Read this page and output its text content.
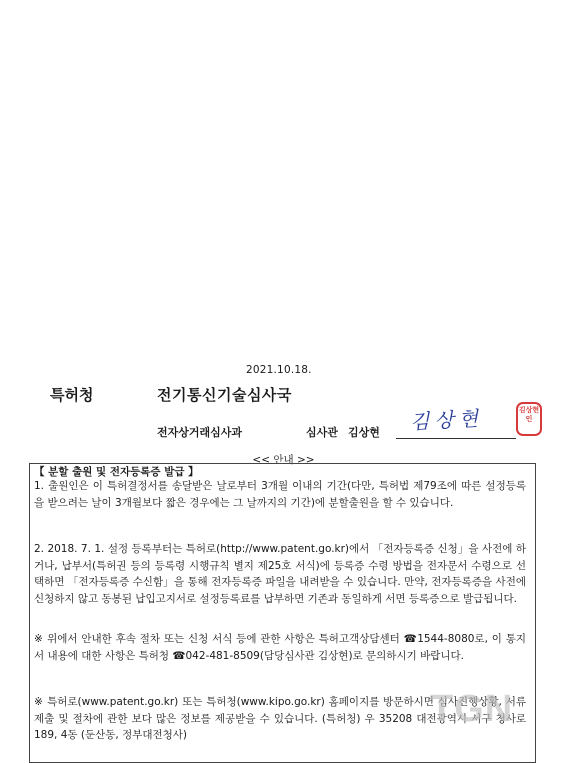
2021.10.18.
특허청	전기통신기술심사국
전자상거래심사과	심사관 김상현 김상현	김상현인
<< 안내 >>
【 분할 출원 및 전자등록증 발급 】
1. 출원인은 이 특허결정서를 송달받은 날로부터 3개월 이내의 기간(다만, 특허법 제79조에 따른 설정등록을 받으려는 날이 3개월보다 짧은 경우에는 그 날까지의 기간)에 분할출원을 할 수 있습니다.
2. 2018. 7. 1. 설정 등록부터는 특허로(http://www.patent.go.kr)에서 「전자등록증 신청」을 사전에 하거나, 납부서(특허권 등의 등록령 시행규칙 별지 제25호 서식)에 등록증 수령 방법을 전자문서 수령으로 선택하면 「전자등록증 수신함」을 통해 전자등록증 파일을 내려받을 수 있습니다. 만약, 전자등록증을 사전에 신청하지 않고 동봉된 납입고지서로 설정등록료를 납부하면 기존과 동일하게 서면 등록증으로 발급됩니다.
※ 위에서 안내한 후속 절차 또는 신청 서식 등에 관한 사항은 특허고객상담센터 ☎1544-8080로, 이 통지서 내용에 대한 사항은 특허청 ☎042-481-8509(담당심사관 김상현)로 문의하시기 바랍니다.
※ 특허로(www.patent.go.kr) 또는 특허청(www.kipo.go.kr) 홈페이지를 방문하시면 심사진행상황, 서류 제출 및 절차에 관한 보다 많은 정보를 제공받을 수 있습니다. (특허청) 우 35208 대전광역시 서구 청사로 189, 4동 (둔산동, 정부대전청사)
TGN
